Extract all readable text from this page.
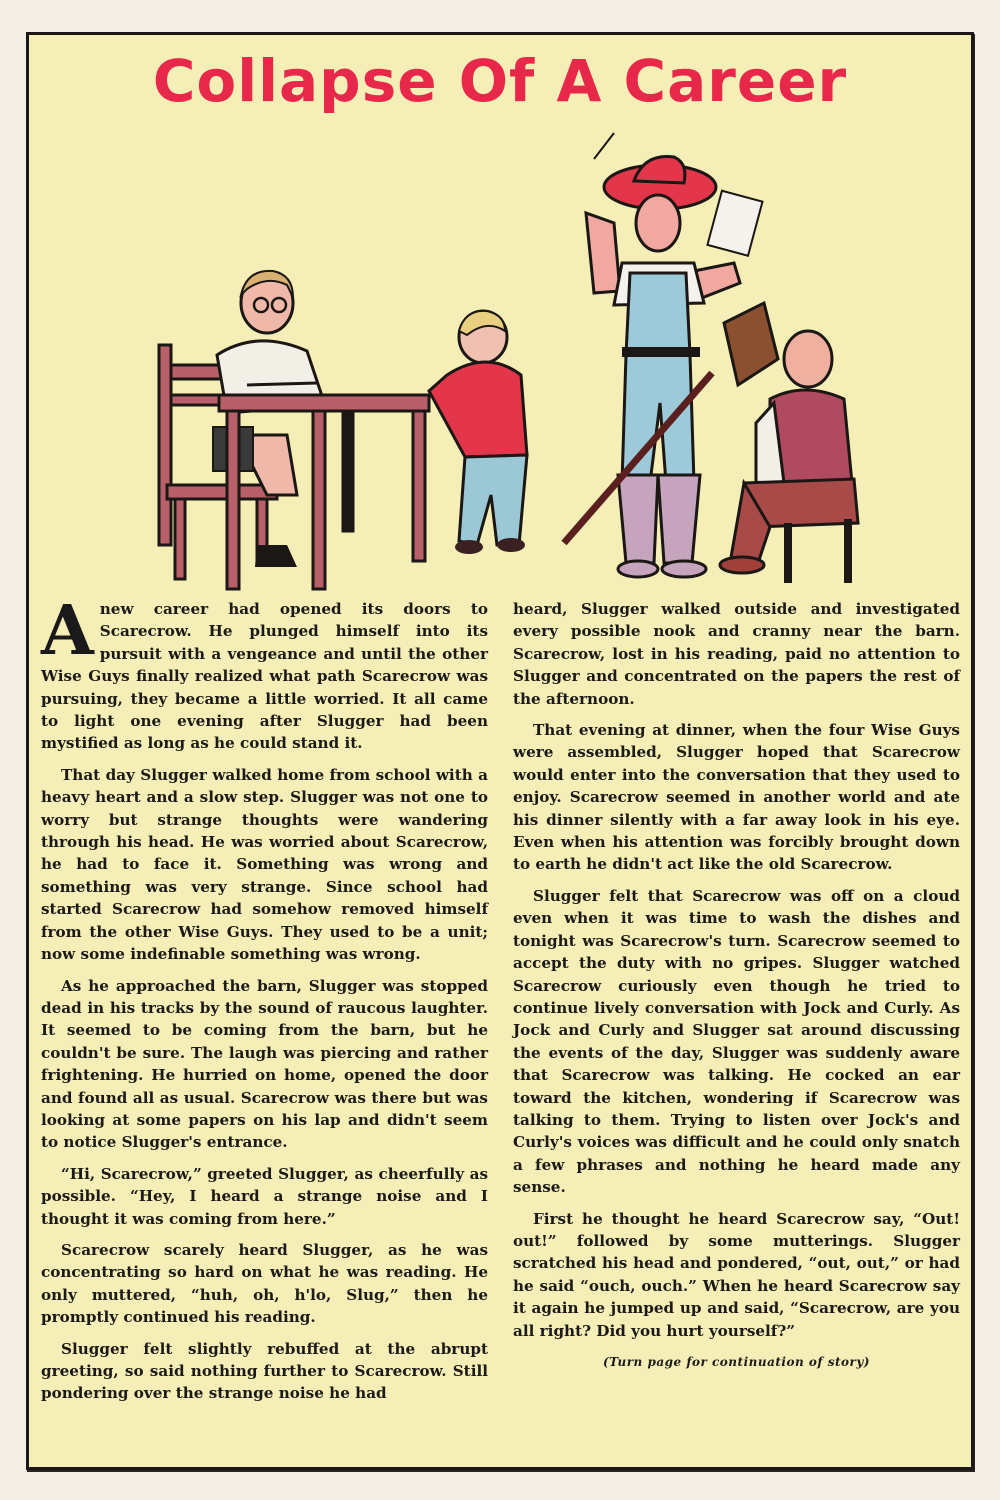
Collapse Of A Career

Anew career had opened its doors to Scarecrow. He plunged himself into its pursuit with a vengeance and until the other Wise Guys finally realized what path Scarecrow was pursuing, they became a little worried. It all came to light one evening after Slugger had been mystified as long as he could stand it.

That day Slugger walked home from school with a heavy heart and a slow step. Slugger was not one to worry but strange thoughts were wandering through his head. He was worried about Scarecrow, he had to face it. Something was wrong and something was very strange. Since school had started Scarecrow had somehow removed himself from the other Wise Guys. They used to be a unit; now some indefinable something was wrong.

As he approached the barn, Slugger was stopped dead in his tracks by the sound of raucous laughter. It seemed to be coming from the barn, but he couldn't be sure. The laugh was piercing and rather frightening. He hurried on home, opened the door and found all as usual. Scarecrow was there but was looking at some papers on his lap and didn't seem to notice Slugger's entrance.

“Hi, Scarecrow,” greeted Slugger, as cheerfully as possible. “Hey, I heard a strange noise and I thought it was coming from here.”

Scarecrow scarely heard Slugger, as he was concentrating so hard on what he was reading. He only muttered, “huh, oh, h'lo, Slug,” then he promptly continued his reading.

Slugger felt slightly rebuffed at the abrupt greeting, so said nothing further to Scarecrow. Still pondering over the strange noise he had

heard, Slugger walked outside and investigated every possible nook and cranny near the barn. Scarecrow, lost in his reading, paid no attention to Slugger and concentrated on the papers the rest of the afternoon.

That evening at dinner, when the four Wise Guys were assembled, Slugger hoped that Scarecrow would enter into the conversation that they used to enjoy. Scarecrow seemed in another world and ate his dinner silently with a far away look in his eye. Even when his attention was forcibly brought down to earth he didn't act like the old Scarecrow.

Slugger felt that Scarecrow was off on a cloud even when it was time to wash the dishes and tonight was Scarecrow's turn. Scarecrow seemed to accept the duty with no gripes. Slugger watched Scarecrow curiously even though he tried to continue lively conversation with Jock and Curly. As Jock and Curly and Slugger sat around discussing the events of the day, Slugger was suddenly aware that Scarecrow was talking. He cocked an ear toward the kitchen, wondering if Scarecrow was talking to them. Trying to listen over Jock's and Curly's voices was difficult and he could only snatch a few phrases and nothing he heard made any sense.

First he thought he heard Scarecrow say, “Out! out!” followed by some mutterings. Slugger scratched his head and pondered, “out, out,” or had he said “ouch, ouch.” When he heard Scarecrow say it again he jumped up and said, “Scarecrow, are you all right? Did you hurt yourself?”

(Turn page for continuation of story)
